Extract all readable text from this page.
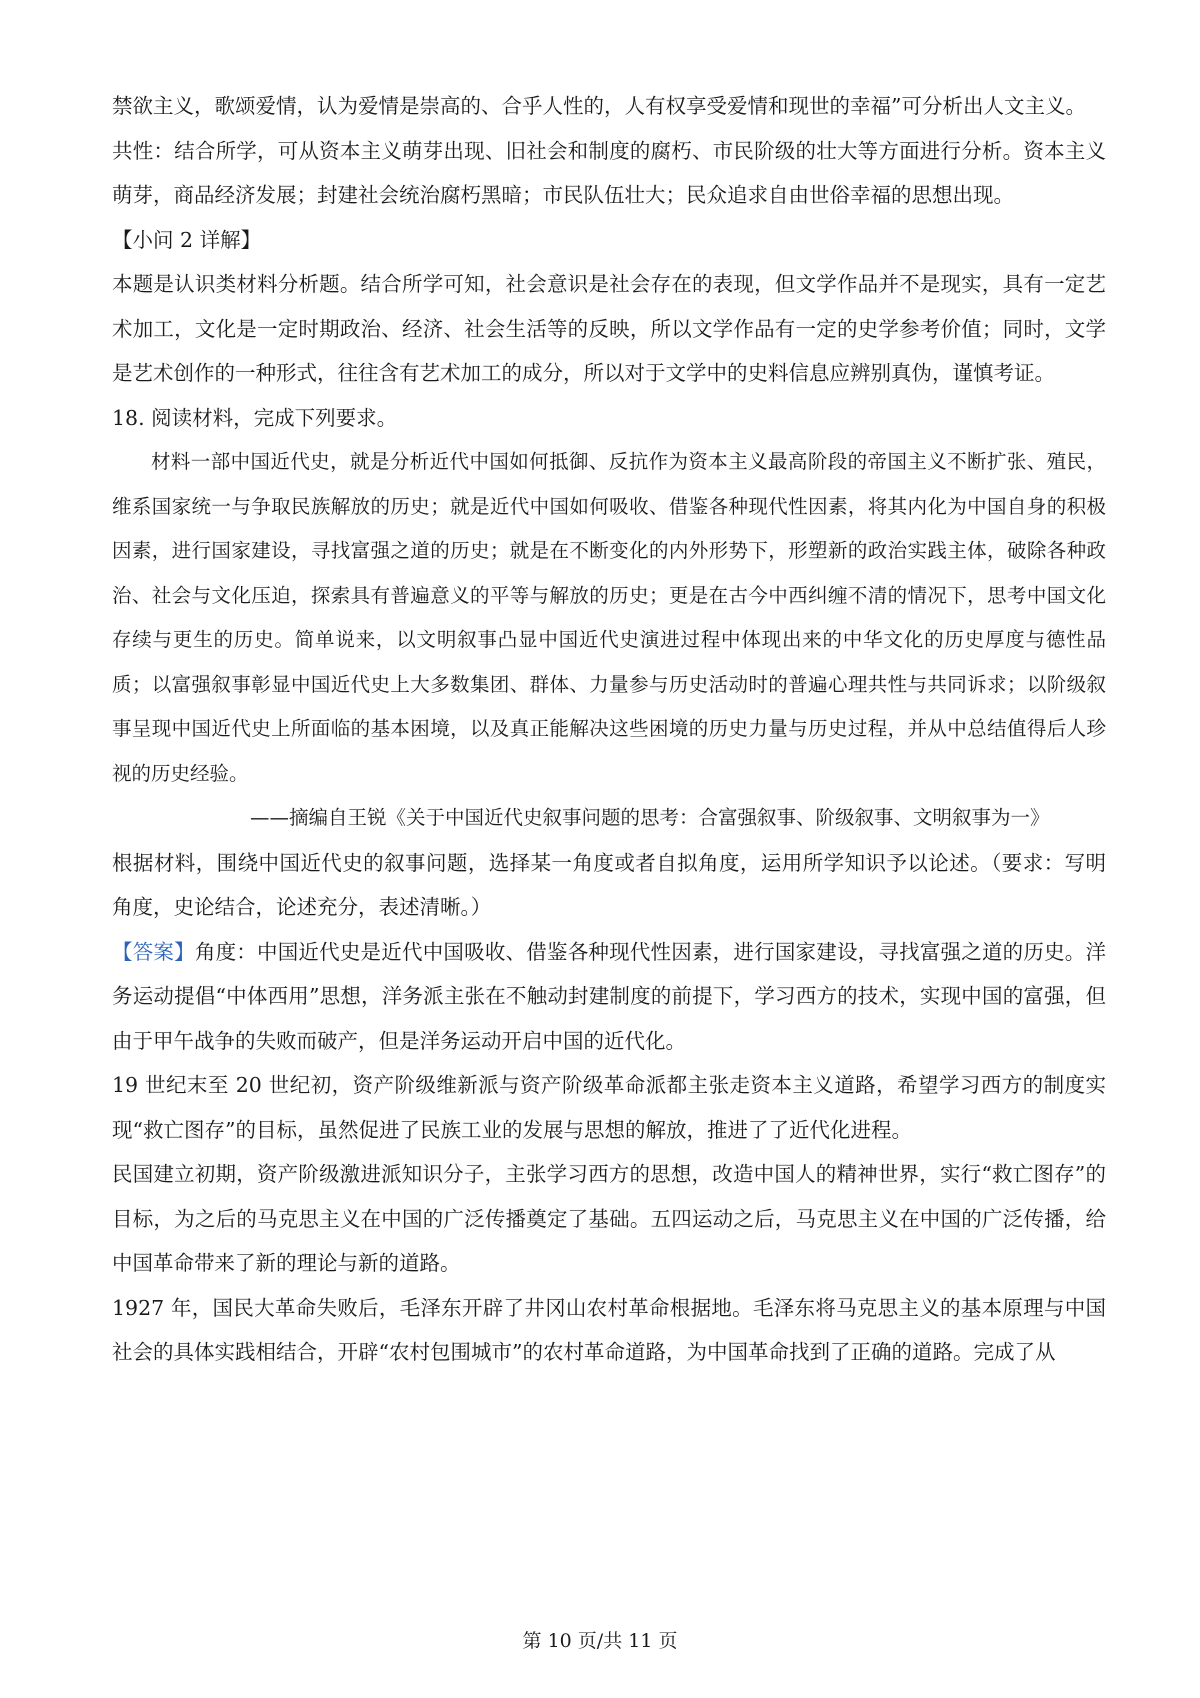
禁欲主义，歌颂爱情，认为爱情是崇高的、合乎人性的，人有权享受爱情和现世的幸福”可分析出人文主义。

共性：结合所学，可从资本主义萌芽出现、旧社会和制度的腐朽、市民阶级的壮大等方面进行分析。资本主义萌芽，商品经济发展；封建社会统治腐朽黑暗；市民队伍壮大；民众追求自由世俗幸福的思想出现。

【小问 2 详解】

本题是认识类材料分析题。结合所学可知，社会意识是社会存在的表现，但文学作品并不是现实，具有一定艺术加工，文化是一定时期政治、经济、社会生活等的反映，所以文学作品有一定的史学参考价值；同时，文学是艺术创作的一种形式，往往含有艺术加工的成分，所以对于文学中的史料信息应辨别真伪，谨慎考证。

18. 阅读材料，完成下列要求。

材料一部中国近代史，就是分析近代中国如何抵御、反抗作为资本主义最高阶段的帝国主义不断扩张、殖民，维系国家统一与争取民族解放的历史；就是近代中国如何吸收、借鉴各种现代性因素，将其内化为中国自身的积极因素，进行国家建设，寻找富强之道的历史；就是在不断变化的内外形势下，形塑新的政治实践主体，破除各种政治、社会与文化压迫，探索具有普遍意义的平等与解放的历史；更是在古今中西纠缠不清的情况下，思考中国文化存续与更生的历史。简单说来，以文明叙事凸显中国近代史演进过程中体现出来的中华文化的历史厚度与德性品质；以富强叙事彰显中国近代史上大多数集团、群体、力量参与历史活动时的普遍心理共性与共同诉求；以阶级叙事呈现中国近代史上所面临的基本困境，以及真正能解决这些困境的历史力量与历史过程，并从中总结值得后人珍视的历史经验。

——摘编自王锐《关于中国近代史叙事问题的思考：合富强叙事、阶级叙事、文明叙事为一》

根据材料，围绕中国近代史的叙事问题，选择某一角度或者自拟角度，运用所学知识予以论述。（要求：写明角度，史论结合，论述充分，表述清晰。）

【答案】角度：中国近代史是近代中国吸收、借鉴各种现代性因素，进行国家建设，寻找富强之道的历史。洋务运动提倡“中体西用”思想，洋务派主张在不触动封建制度的前提下，学习西方的技术，实现中国的富强，但由于甲午战争的失败而破产，但是洋务运动开启中国的近代化。

19 世纪末至 20 世纪初，资产阶级维新派与资产阶级革命派都主张走资本主义道路，希望学习西方的制度实现“救亡图存”的目标，虽然促进了民族工业的发展与思想的解放，推进了了近代化进程。

民国建立初期，资产阶级激进派知识分子，主张学习西方的思想，改造中国人的精神世界，实行“救亡图存”的目标，为之后的马克思主义在中国的广泛传播奠定了基础。五四运动之后，马克思主义在中国的广泛传播，给中国革命带来了新的理论与新的道路。

1927 年，国民大革命失败后，毛泽东开辟了井冈山农村革命根据地。毛泽东将马克思主义的基本原理与中国社会的具体实践相结合，开辟“农村包围城市”的农村革命道路，为中国革命找到了正确的道路。完成了从

第 10 页/共 11 页
